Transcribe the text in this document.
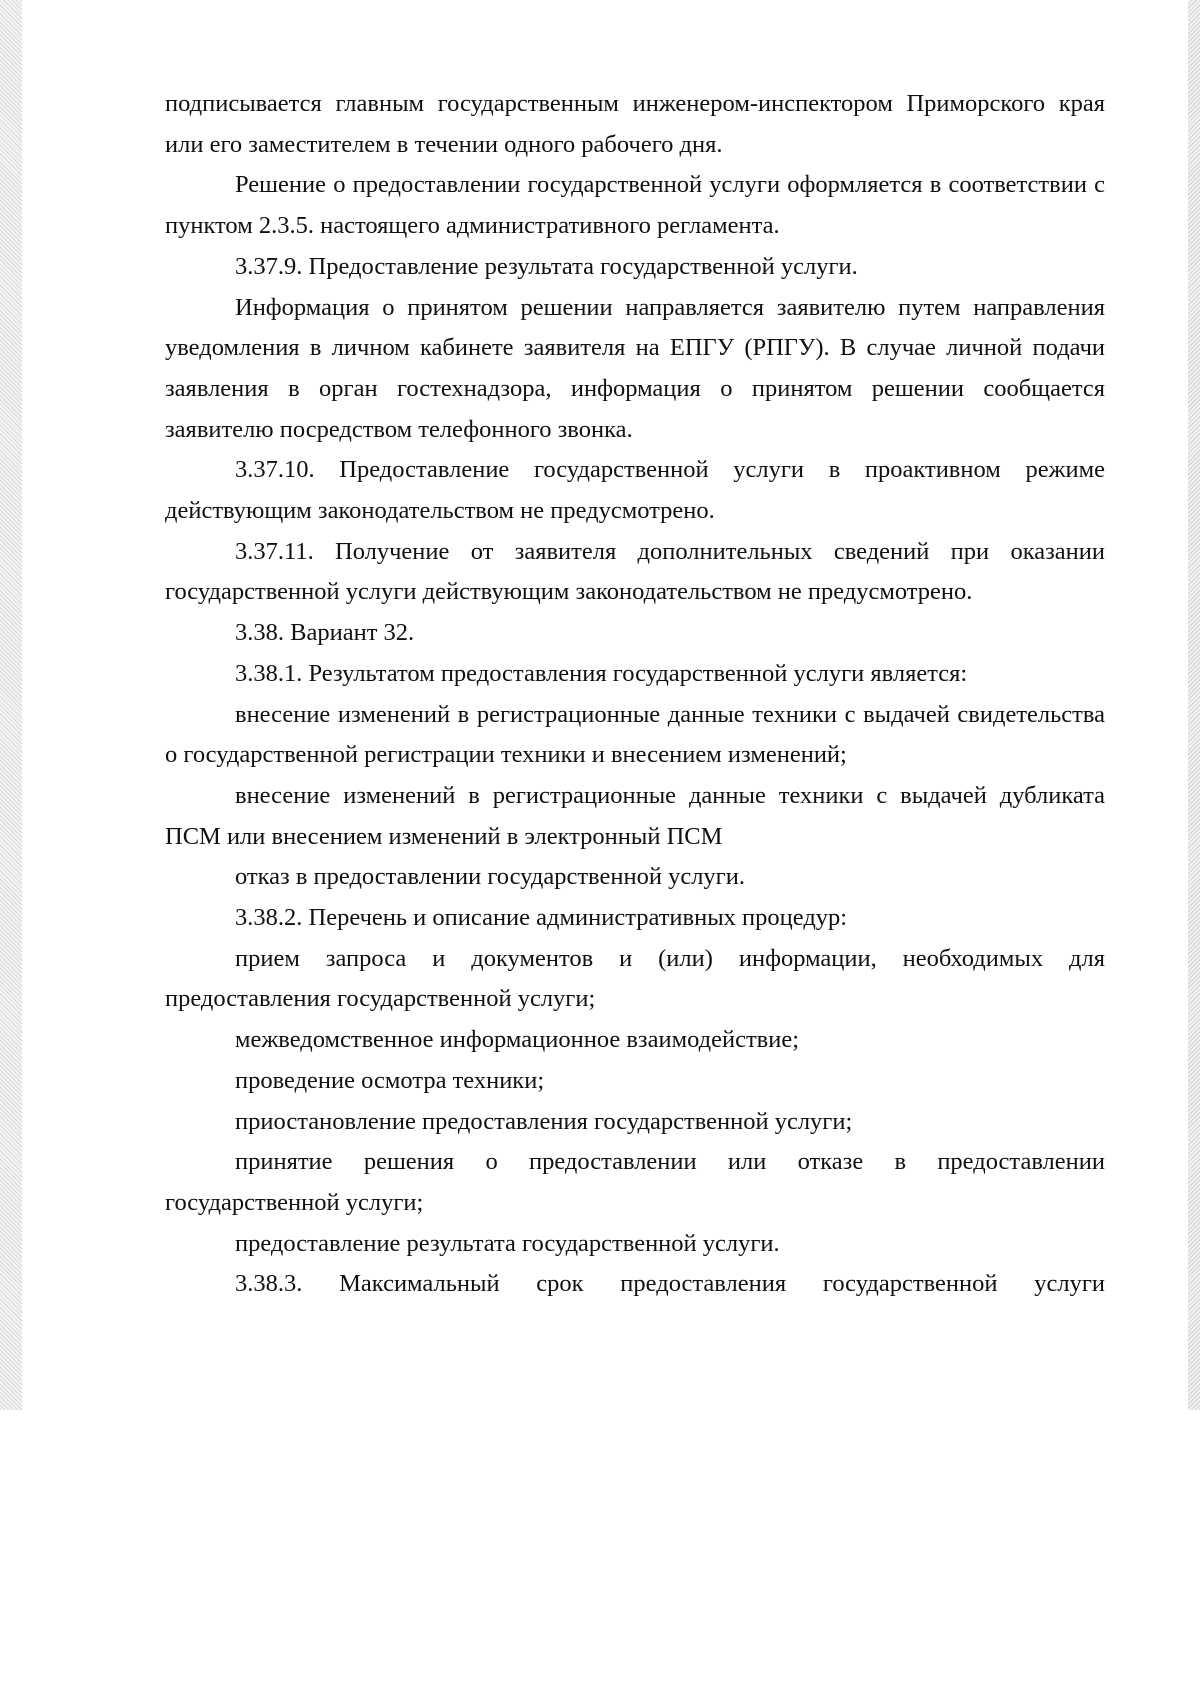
подписывается главным государственным инженером-инспектором Приморского края или его заместителем в течении одного рабочего дня.

Решение о предоставлении государственной услуги оформляется в соответствии с пунктом 2.3.5. настоящего административного регламента.

3.37.9. Предоставление результата государственной услуги.

Информация о принятом решении направляется заявителю путем направления уведомления в личном кабинете заявителя на ЕПГУ (РПГУ). В случае личной подачи заявления в орган гостехнадзора, информация о принятом решении сообщается заявителю посредством телефонного звонка.

3.37.10. Предоставление государственной услуги в проактивном режиме действующим законодательством не предусмотрено.

3.37.11. Получение от заявителя дополнительных сведений при оказании государственной услуги действующим законодательством не предусмотрено.

3.38. Вариант 32.

3.38.1. Результатом предоставления государственной услуги является:

внесение изменений в регистрационные данные техники с выдачей свидетельства о государственной регистрации техники и внесением изменений;

внесение изменений в регистрационные данные техники с выдачей дубликата ПСМ или внесением изменений в электронный ПСМ

отказ в предоставлении государственной услуги.

3.38.2. Перечень и описание административных процедур:

прием запроса и документов и (или) информации, необходимых для предоставления государственной услуги;

межведомственное информационное взаимодействие;

проведение осмотра техники;

приостановление предоставления государственной услуги;

принятие решения о предоставлении или отказе в предоставлении государственной услуги;

предоставление результата государственной услуги.

3.38.3. Максимальный срок предоставления государственной услуги
